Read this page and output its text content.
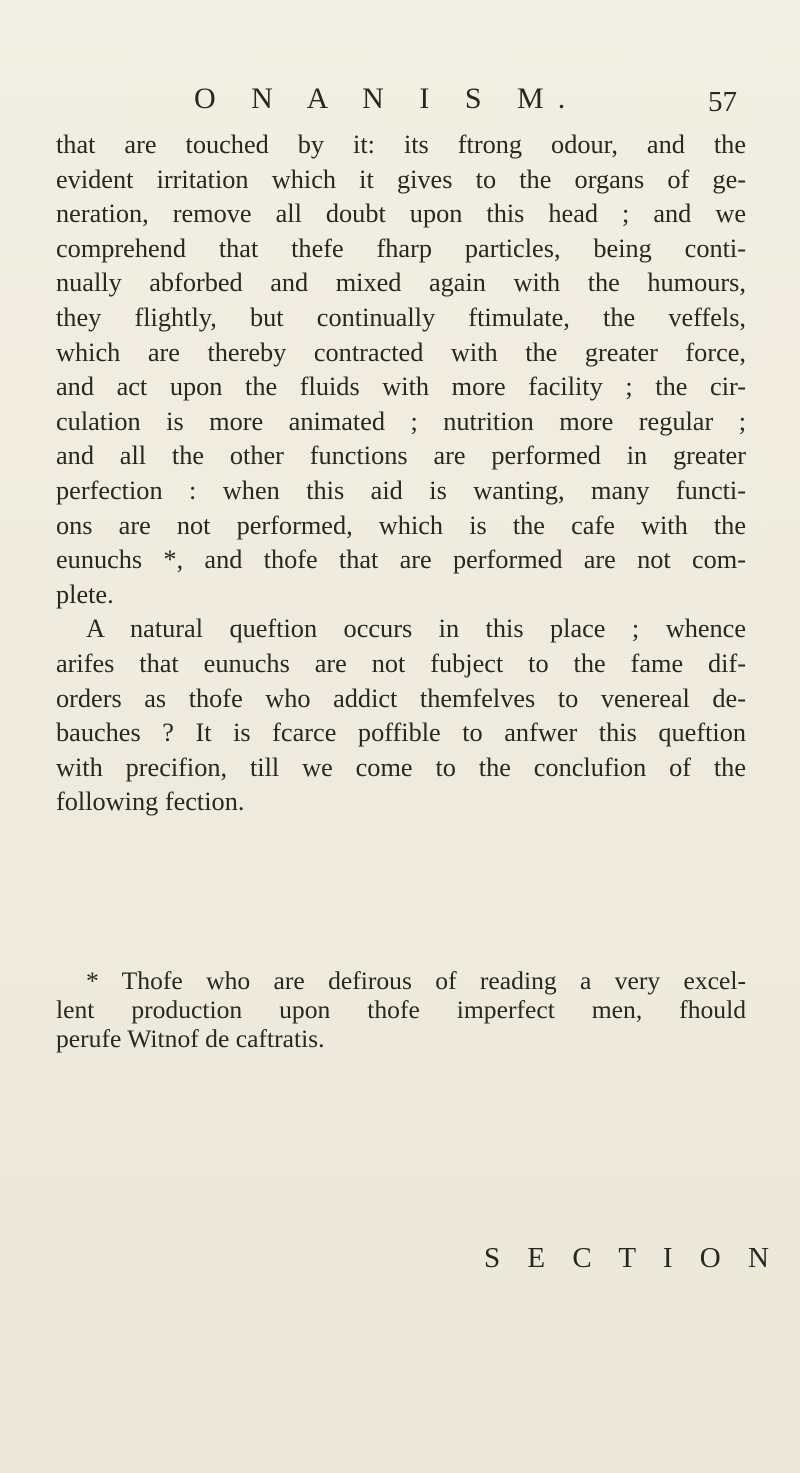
O N A N I S M.	57
that are touched by it: its ftrong odour, and the
evident irritation which it gives to the organs of ge-
neration, remove all doubt upon this head ; and we
comprehend that thefe fharp particles, being conti-
nually abforbed and mixed again with the humours,
they flightly, but continually ftimulate, the veffels,
which are thereby contracted with the greater force,
and act upon the fluids with more facility ; the cir-
culation is more animated ; nutrition more regular ;
and all the other functions are performed in greater
perfection : when this aid is wanting, many functi-
ons are not performed, which is the cafe with the
eunuchs *, and thofe that are performed are not com-
plete.
A natural queftion occurs in this place ; whence
arifes that eunuchs are not fubject to the fame dif-
orders as thofe who addict themfelves to venereal de-
bauches ? It is fcarce poffible to anfwer this queftion
with precifion, till we come to the conclufion of the
following fection.
* Thofe who are defirous of reading a very excel-
lent production upon thofe imperfect men, fhould
perufe Witnof de caftratis.
S E C T I O N
